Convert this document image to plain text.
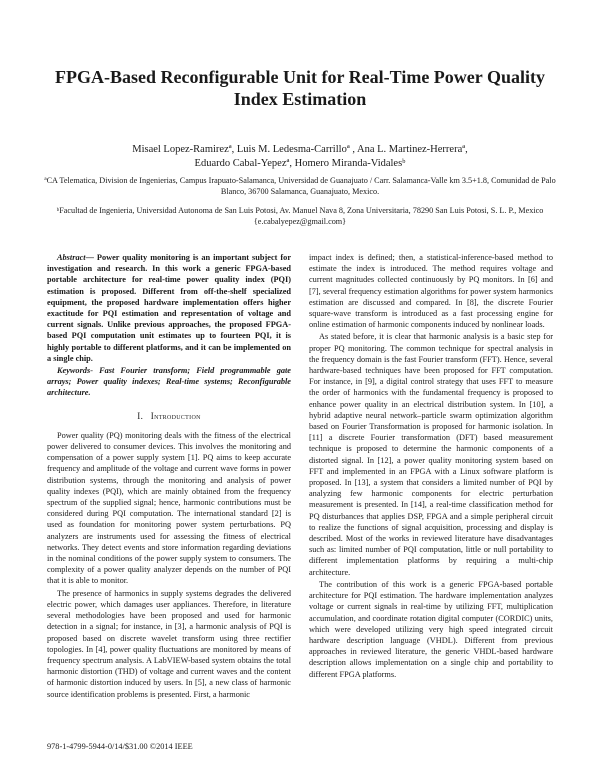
FPGA-Based Reconfigurable Unit for Real-Time Power Quality Index Estimation
Misael Lopez-Ramirezª, Luis M. Ledesma-Carrilloª , Ana L. Martinez-Herreraª,
Eduardo Cabal-Yepezª, Homero Miranda-Vidalesᵇ
ªCA Telematica, Division de Ingenierias, Campus Irapuato-Salamanca, Universidad de Guanajuato / Carr. Salamanca-Valle km 3.5+1.8, Comunidad de Palo Blanco, 36700 Salamanca, Guanajuato, Mexico.
ᵇFacultad de Ingenieria, Universidad Autonoma de San Luis Potosi, Av. Manuel Nava 8, Zona Universitaria, 78290 San Luis Potosi, S. L. P., Mexico
{e.cabalyepez@gmail.com}

Abstract— Power quality monitoring is an important subject for investigation and research. In this work a generic FPGA-based portable architecture for real-time power quality index (PQI) estimation is proposed. Different from off-the-shelf specialized equipment, the proposed hardware implementation offers higher exactitude for PQI estimation and representation of voltage and current signals. Unlike previous approaches, the proposed FPGA-based PQI computation unit estimates up to fourteen PQI, it is highly portable to different platforms, and it can be implemented on a single chip.

Keywords- Fast Fourier transform; Field programmable gate arrays; Power quality indexes; Real-time systems; Reconfigurable architecture.

I. Introduction

Power quality (PQ) monitoring deals with the fitness of the electrical power delivered to consumer devices. This involves the monitoring and compensation of a power supply system [1]. PQ aims to keep accurate frequency and amplitude of the voltage and current wave forms in power distribution systems, through the monitoring and analysis of power quality indexes (PQI), which are mainly obtained from the frequency spectrum of the supplied signal; hence, harmonic contributions must be considered during PQI computation. The international standard [2] is used as foundation for monitoring power system perturbations. PQ analyzers are instruments used for assessing the fitness of electrical networks. They detect events and store information regarding deviations in the nominal conditions of the power supply system to consumers. The complexity of a power quality analyzer depends on the number of PQI that it is able to monitor.

The presence of harmonics in supply systems degrades the delivered electric power, which damages user appliances. Therefore, in literature several methodologies have been proposed and used for harmonic detection in a signal; for instance, in [3], a harmonic analysis of PQI is proposed based on discrete wavelet transform using three rectifier topologies. In [4], power quality fluctuations are monitored by means of frequency spectrum analysis. A LabVIEW-based system obtains the total harmonic distortion (THD) of voltage and current waves and the content of harmonic distortion induced by users. In [5], a new class of harmonic source identification problems is presented. First, a harmonic

impact index is defined; then, a statistical-inference-based method to estimate the index is introduced. The method requires voltage and current magnitudes collected continuously by PQ monitors. In [6] and [7], several frequency estimation algorithms for power system harmonics estimation are discussed and compared. In [8], the discrete Fourier square-wave transform is introduced as a fast processing engine for online estimation of harmonic components induced by nonlinear loads.

As stated before, it is clear that harmonic analysis is a basic step for proper PQ monitoring. The common technique for spectral analysis in the frequency domain is the fast Fourier transform (FFT). Hence, several hardware-based techniques have been proposed for FFT computation. For instance, in [9], a digital control strategy that uses FFT to measure the order of harmonics with the fundamental frequency is proposed to enhance power quality in an electrical distribution system. In [10], a hybrid adaptive neural network–particle swarm optimization algorithm based on Fourier Transformation is proposed for harmonic isolation. In [11] a discrete Fourier transformation (DFT) based measurement technique is proposed to determine the harmonic components of a distorted signal. In [12], a power quality monitoring system based on FFT and implemented in an FPGA with a Linux software platform is proposed. In [13], a system that considers a limited number of PQI by analyzing few harmonic components for electric perturbation measurement is presented. In [14], a real-time classification method for PQ disturbances that applies DSP, FPGA and a simple peripheral circuit to realize the functions of signal acquisition, processing and display is described. Most of the works in reviewed literature have disadvantages such as: limited number of PQI computation, little or null portability to different implementation platforms by requiring a multi-chip architecture.

The contribution of this work is a generic FPGA-based portable architecture for PQI estimation. The hardware implementation analyzes voltage or current signals in real-time by utilizing FFT, multiplication accumulation, and coordinate rotation digital computer (CORDIC) units, which were developed utilizing very high speed integrated circuit hardware description language (VHDL). Different from previous approaches in reviewed literature, the generic VHDL-based hardware description allows implementation on a single chip and portability to different FPGA platforms.

978-1-4799-5944-0/14/$31.00 ©2014 IEEE
